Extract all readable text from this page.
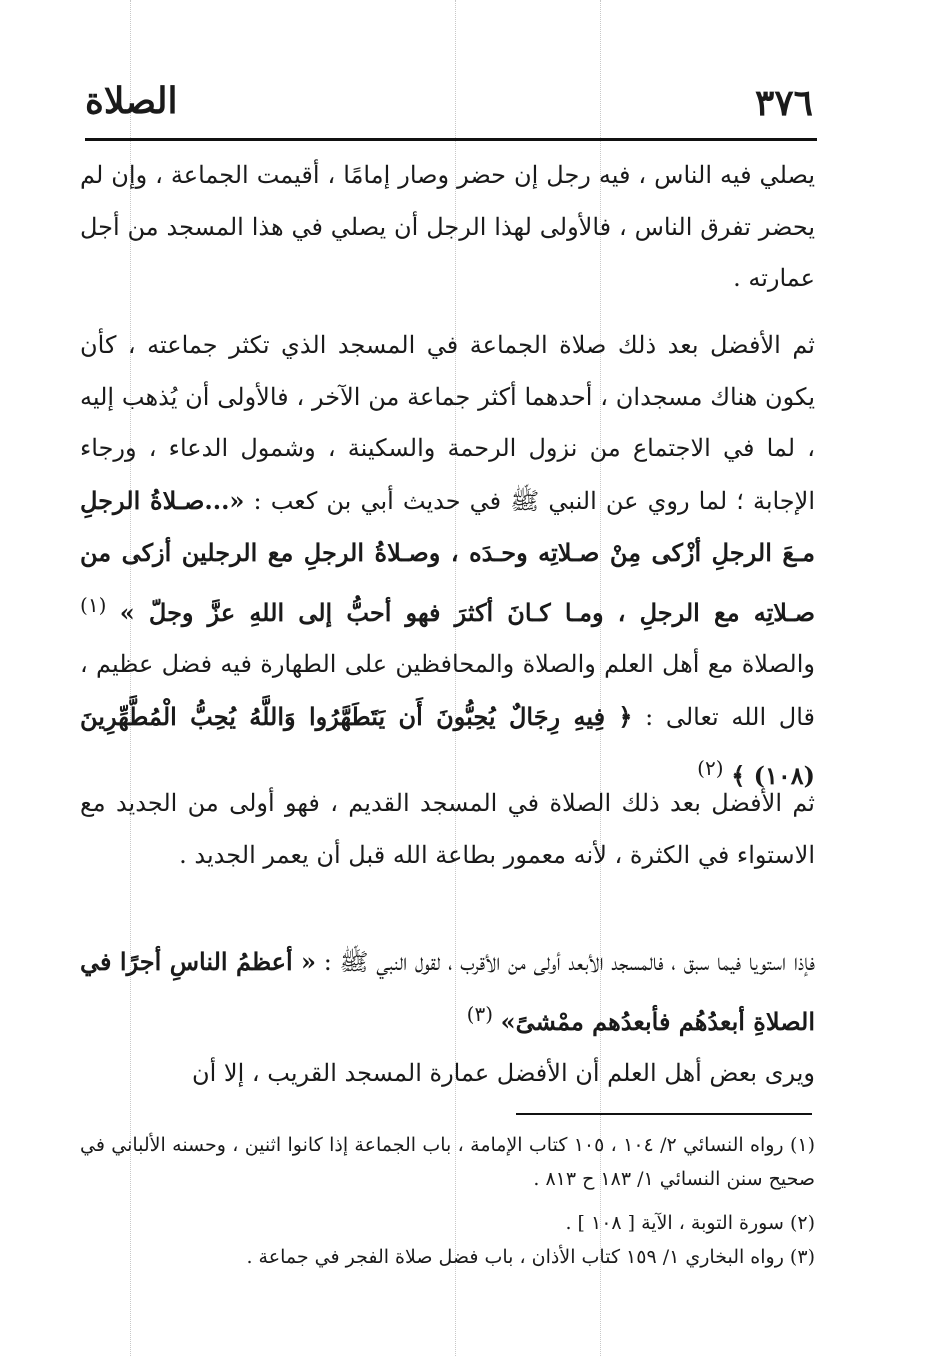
٣٧٦
الصلاة

يصلي فيه الناس ، فيه رجل إن حضر وصار إمامًا ، أقيمت الجماعة ، وإن لم يحضر تفرق الناس ، فالأولى لهذا الرجل أن يصلي في هذا المسجد من أجل عمارته .

ثم الأفضل بعد ذلك صلاة الجماعة في المسجد الذي تكثر جماعته ، كأن يكون هناك مسجدان ، أحدهما أكثر جماعة من الآخر ، فالأولى أن يُذهب إليه ، لما في الاجتماع من نزول الرحمة والسكينة ، وشمول الدعاء ، ورجاء الإجابة ؛ لما روي عن النبي ﷺ في حديث أبي بن كعب : «...صـلاةُ الرجلِ مـعَ الرجلِ أزْكى مِنْ صـلاتِه وحـدَه ، وصـلاةُ الرجلِ مع الرجلين أزكى من صـلاتِه مع الرجلِ ، ومـا كـانَ أكثرَ فهو أحبُّ إلى اللهِ عزَّ وجلّ » $^{(١)}$ والصلاة مع أهل العلم والصلاة والمحافظين على الطهارة فيه فضل عظيم ، قال الله تعالى : ﴿ فِيهِ رِجَالٌ يُحِبُّونَ أَن يَتَطَهَّرُوا وَاللَّهُ يُحِبُّ الْمُطَّهِّرِينَ (١٠٨) ﴾ $^{(٢)}$

ثم الأفضل بعد ذلك الصلاة في المسجد القديم ، فهو أولى من الجديد مع الاستواء في الكثرة ، لأنه معمور بطاعة الله قبل أن يعمر الجديد .

فإذا استويا فيما سبق ، فالمسجد الأبعد أولى من الأقرب ، لقول النبي ﷺ : « أعظمُ الناسِ أجرًا في الصلاةِ أبعدُهُم فأبعدُهم ممْشىً» $^{(٣)}$

ويرى بعض أهل العلم أن الأفضل عمارة المسجد القريب ، إلا أن

(١) رواه النسائي ٢/ ١٠٤ ، ١٠٥ كتاب الإمامة ، باب الجماعة إذا كانوا اثنين ، وحسنه الألباني في صحيح سنن النسائي ١/ ١٨٣ ح ٨١٣ .

(٢) سورة التوبة ، الآية [ ١٠٨ ] .

(٣) رواه البخاري ١/ ١٥٩ كتاب الأذان ، باب فضل صلاة الفجر في جماعة .
